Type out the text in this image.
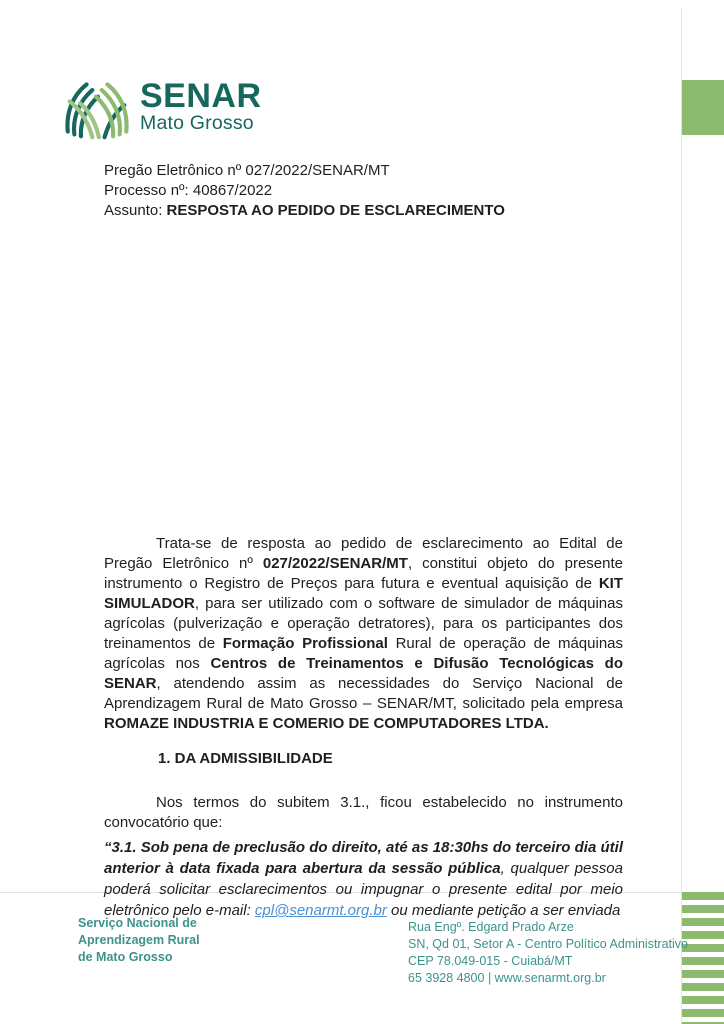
SENAR
Mato Grosso
Pregão Eletrônico nº 027/2022/SENAR/MT
Processo nº: 40867/2022
Assunto: RESPOSTA AO PEDIDO DE ESCLARECIMENTO

Trata-se de resposta ao pedido de esclarecimento ao Edital de Pregão Eletrônico nº 027/2022/SENAR/MT, constitui objeto do presente instrumento o Registro de Preços para futura e eventual aquisição de KIT SIMULADOR, para ser utilizado com o software de simulador de máquinas agrícolas (pulverização e operação detratores), para os participantes dos treinamentos de Formação Profissional Rural de operação de máquinas agrícolas nos Centros de Treinamentos e Difusão Tecnológicas do SENAR, atendendo assim as necessidades do Serviço Nacional de Aprendizagem Rural de Mato Grosso – SENAR/MT, solicitado pela empresa ROMAZE INDUSTRIA E COMERIO DE COMPUTADORES LTDA.

1. DA ADMISSIBILIDADE

Nos termos do subitem 3.1., ficou estabelecido no instrumento convocatório que:

“3.1. Sob pena de preclusão do direito, até as 18:30hs do terceiro dia útil anterior à data fixada para abertura da sessão pública, qualquer pessoa poderá solicitar esclarecimentos ou impugnar o presente edital por meio eletrônico pelo e-mail: cpl@senarmt.org.br ou mediante petição a ser enviada

Serviço Nacional de
Aprendizagem Rural
de Mato Grosso
Rua Engº. Edgard Prado Arze
SN, Qd 01, Setor A - Centro Político Administrativo
CEP 78.049-015 - Cuiabá/MT
65 3928 4800 | www.senarmt.org.br
